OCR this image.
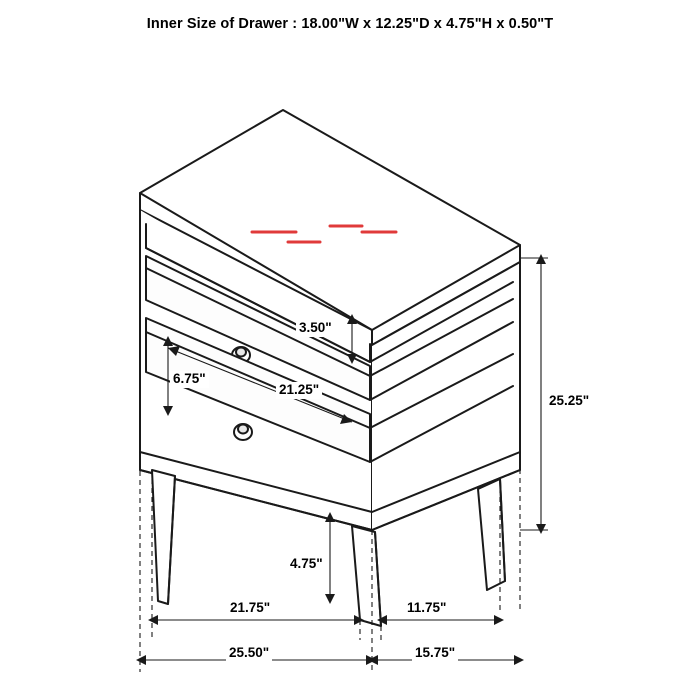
Inner Size of Drawer : 18.00"W x 12.25"D x 4.75"H x 0.50"T
3.50"
6.75"
21.25"
25.25"
4.75"
21.75"	11.75"
25.50"	15.75"
